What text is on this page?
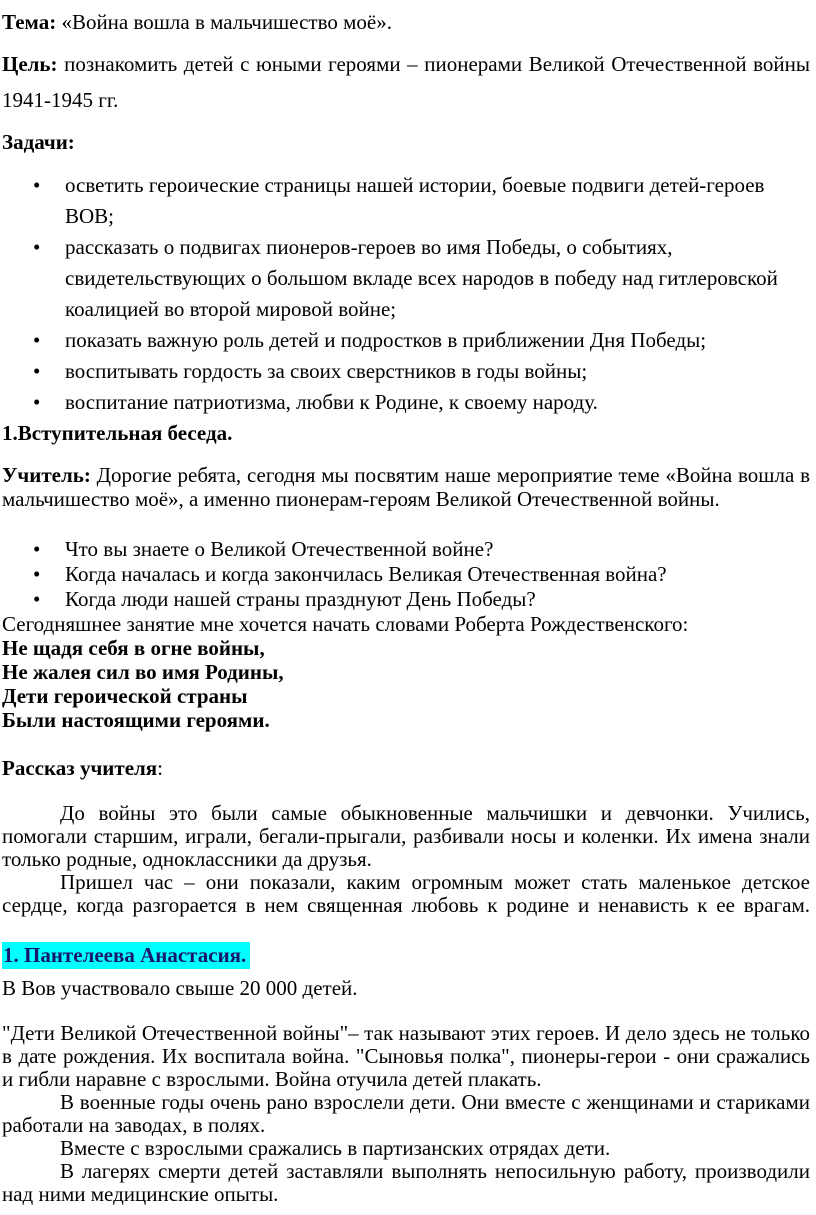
Тема: «Война вошла в мальчишество моё».

Цель: познакомить детей с юными героями – пионерами Великой Отечественной войны 1941-1945 гг.

Задачи:

• осветить героические страницы нашей истории, боевые подвиги детей-героев ВОВ;
• рассказать о подвигах пионеров-героев во имя Победы, о событиях, свидетельствующих о большом вкладе всех народов в победу над гитлеровской коалицией во второй мировой войне;
• показать важную роль детей и подростков в приближении Дня Победы;
• воспитывать гордость за своих сверстников в годы войны;
• воспитание патриотизма, любви к Родине, к своему народу.

1.Вступительная беседа.

Учитель: Дорогие ребята, сегодня мы посвятим наше мероприятие теме «Война вошла в мальчишество моё», а именно пионерам-героям Великой Отечественной войны.

• Что вы знаете о Великой Отечественной войне?
• Когда началась и когда закончилась Великая Отечественная война?
• Когда люди нашей страны празднуют День Победы?

Сегодняшнее занятие мне хочется начать словами Роберта Рождественского:

Не щадя себя в огне войны,

Не жалея сил во имя Родины,

Дети героической страны

Были настоящими героями.

Рассказ учителя:

До войны это были самые обыкновенные мальчишки и девчонки. Учились, помогали старшим, играли, бегали-прыгали, разбивали носы и коленки. Их имена знали только родные, одноклассники да друзья.

Пришел час – они показали, каким огромным может стать маленькое детское сердце, когда разгорается в нем священная любовь к родине и ненависть к ее врагам.

1. Пантелеева Анастасия.

В Вов участвовало свыше 20 000 детей.

"Дети Великой Отечественной войны"– так называют этих героев. И дело здесь не только в дате рождения. Их воспитала война. "Сыновья полка", пионеры-герои - они сражались и гибли наравне с взрослыми. Война отучила детей плакать.

В военные годы очень рано взрослели дети. Они вместе с женщинами и стариками работали на заводах, в полях.

Вместе с взрослыми сражались в партизанских отрядах дети.

В лагерях смерти детей заставляли выполнять непосильную работу, производили над ними медицинские опыты.
